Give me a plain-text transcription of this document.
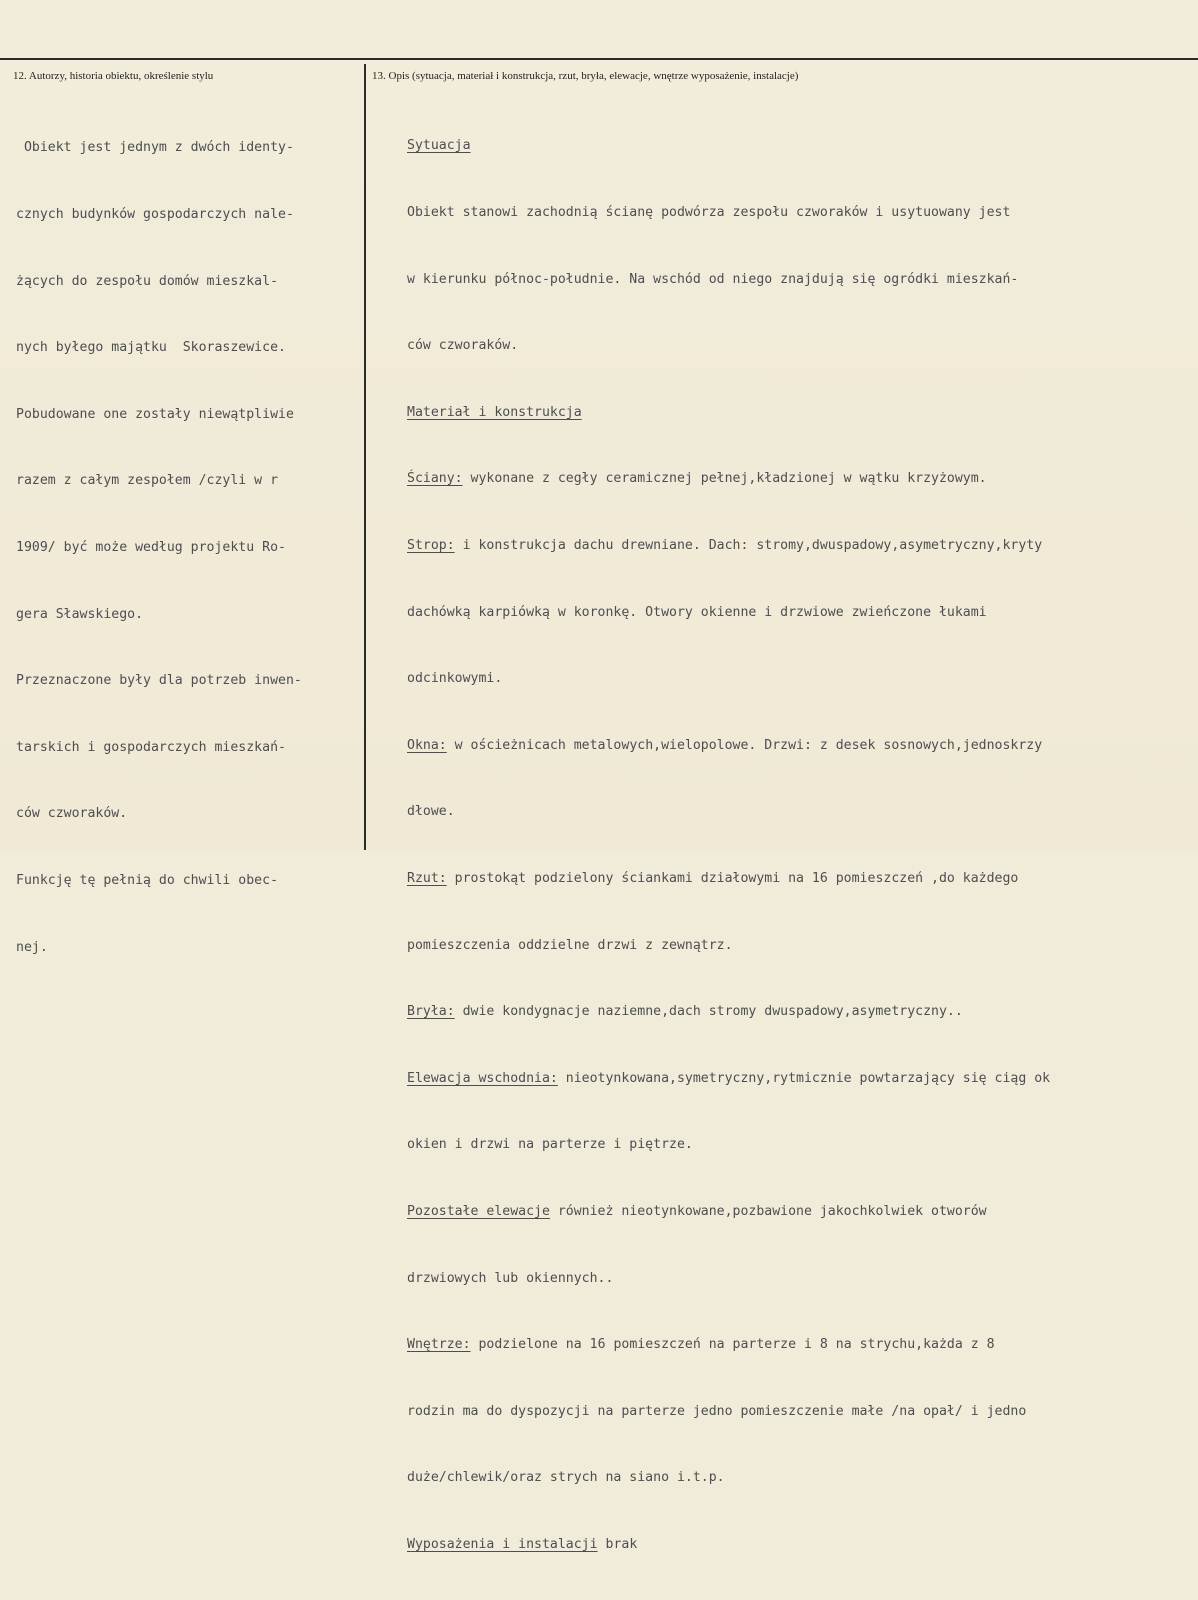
12. Autorzy, historia obiektu, określenie stylu	13. Opis (sytuacja, materiał i konstrukcja, rzut, bryła, elewacje, wnętrze wyposażenie, instalacje)

Obiekt jest jednym z dwóch identy-

cznych budynków gospodarczych nale-

żących do zespołu domów mieszkal-

nych byłego majątku  Skoraszewice.

Pobudowane one zostały niewątpliwie

razem z całym zespołem /czyli w r

1909/ być może według projektu Ro-

gera Sławskiego.

Przeznaczone były dla potrzeb inwen-

tarskich i gospodarczych mieszkań-

ców czworaków.

Funkcję tę pełnią do chwili obec-

nej.

Sytuacja

Obiekt stanowi zachodnią ścianę podwórza zespołu czworaków i usytuowany jest

w kierunku północ-południe. Na wschód od niego znajdują się ogródki mieszkań-

ców czworaków.

Materiał i konstrukcja

Ściany: wykonane z cegły ceramicznej pełnej,kładzionej w wątku krzyżowym.

Strop: i konstrukcja dachu drewniane. Dach: stromy,dwuspadowy,asymetryczny,kryty

dachówką karpiówką w koronkę. Otwory okienne i drzwiowe zwieńczone łukami

odcinkowymi.

Okna: w ościeżnicach metalowych,wielopolowe. Drzwi: z desek sosnowych,jednoskrzy

dłowe.

Rzut: prostokąt podzielony ściankami działowymi na 16 pomieszczeń ,do każdego

pomieszczenia oddzielne drzwi z zewnątrz.

Bryła: dwie kondygnacje naziemne,dach stromy dwuspadowy,asymetryczny..

Elewacja wschodnia: nieotynkowana,symetryczny,rytmicznie powtarzający się ciąg ok

okien i drzwi na parterze i piętrze.

Pozostałe elewacje również nieotynkowane,pozbawione jakochkolwiek otworów

drzwiowych lub okiennych..

Wnętrze: podzielone na 16 pomieszczeń na parterze i 8 na strychu,każda z 8

rodzin ma do dyspozycji na parterze jedno pomieszczenie małe /na opał/ i jedno

duże/chlewik/oraz strych na siano i.t.p.

Wyposażenia i instalacji brak
